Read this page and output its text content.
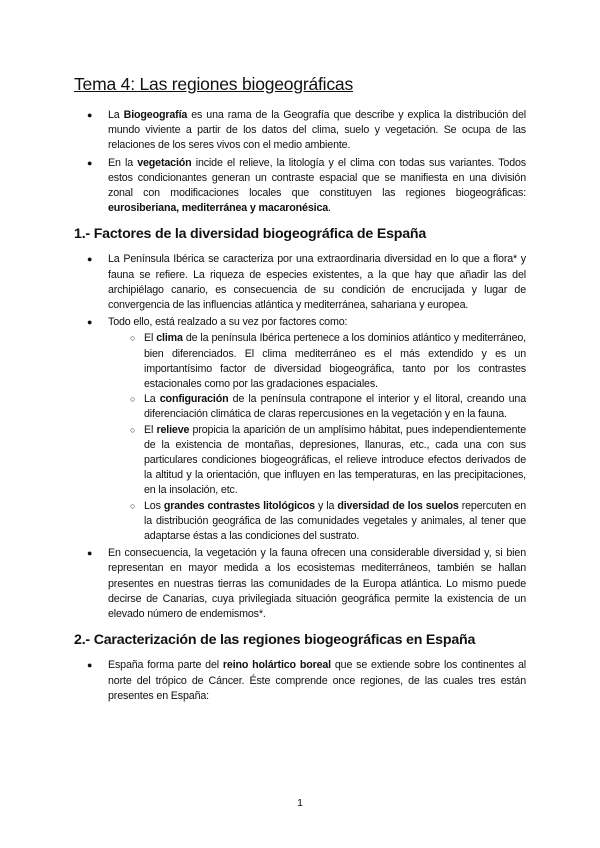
Tema 4: Las regiones biogeográficas
● La Biogeografía es una rama de la Geografía que describe y explica la distribución del mundo viviente a partir de los datos del clima, suelo y vegetación. Se ocupa de las relaciones de los seres vivos con el medio ambiente.

● En la vegetación incide el relieve, la litología y el clima con todas sus variantes. Todos estos condicionantes generan un contraste espacial que se manifiesta en una división zonal con modificaciones locales que constituyen las regiones biogeográficas: eurosiberiana, mediterránea y macaronésica.

1.- Factores de la diversidad biogeográfica de España
● La Península Ibérica se caracteriza por una extraordinaria diversidad en lo que a flora* y fauna se refiere. La riqueza de especies existentes, a la que hay que añadir las del archipiélago canario, es consecuencia de su condición de encrucijada y lugar de convergencia de las influencias atlántica y mediterránea, sahariana y europea.

● Todo ello, está realzado a su vez por factores como:

○ El clima de la península Ibérica pertenece a los dominios atlántico y mediterráneo, bien diferenciados. El clima mediterráneo es el más extendido y es un importantísimo factor de diversidad biogeográfica, tanto por los contrastes estacionales como por las gradaciones espaciales.

○ La configuración de la península contrapone el interior y el litoral, creando una diferenciación climática de claras repercusiones en la vegetación y en la fauna.

○ El relieve propicia la aparición de un amplísimo hábitat, pues independientemente de la existencia de montañas, depresiones, llanuras, etc., cada una con sus particulares condiciones biogeográficas, el relieve introduce efectos derivados de la altitud y la orientación, que influyen en las temperaturas, en las precipitaciones, en la insolación, etc.

○ Los grandes contrastes litológicos y la diversidad de los suelos repercuten en la distribución geográfica de las comunidades vegetales y animales, al tener que adaptarse éstas a las condiciones del sustrato.

● En consecuencia, la vegetación y la fauna ofrecen una considerable diversidad y, si bien representan en mayor medida a los ecosistemas mediterráneos, también se hallan presentes en nuestras tierras las comunidades de la Europa atlántica. Lo mismo puede decirse de Canarias, cuya privilegiada situación geográfica permite la existencia de un elevado número de endemismos*.

2.- Caracterización de las regiones biogeográficas en España
● España forma parte del reino holártico boreal que se extiende sobre los continentes al norte del trópico de Cáncer. Éste comprende once regiones, de las cuales tres están presentes en España:

1
